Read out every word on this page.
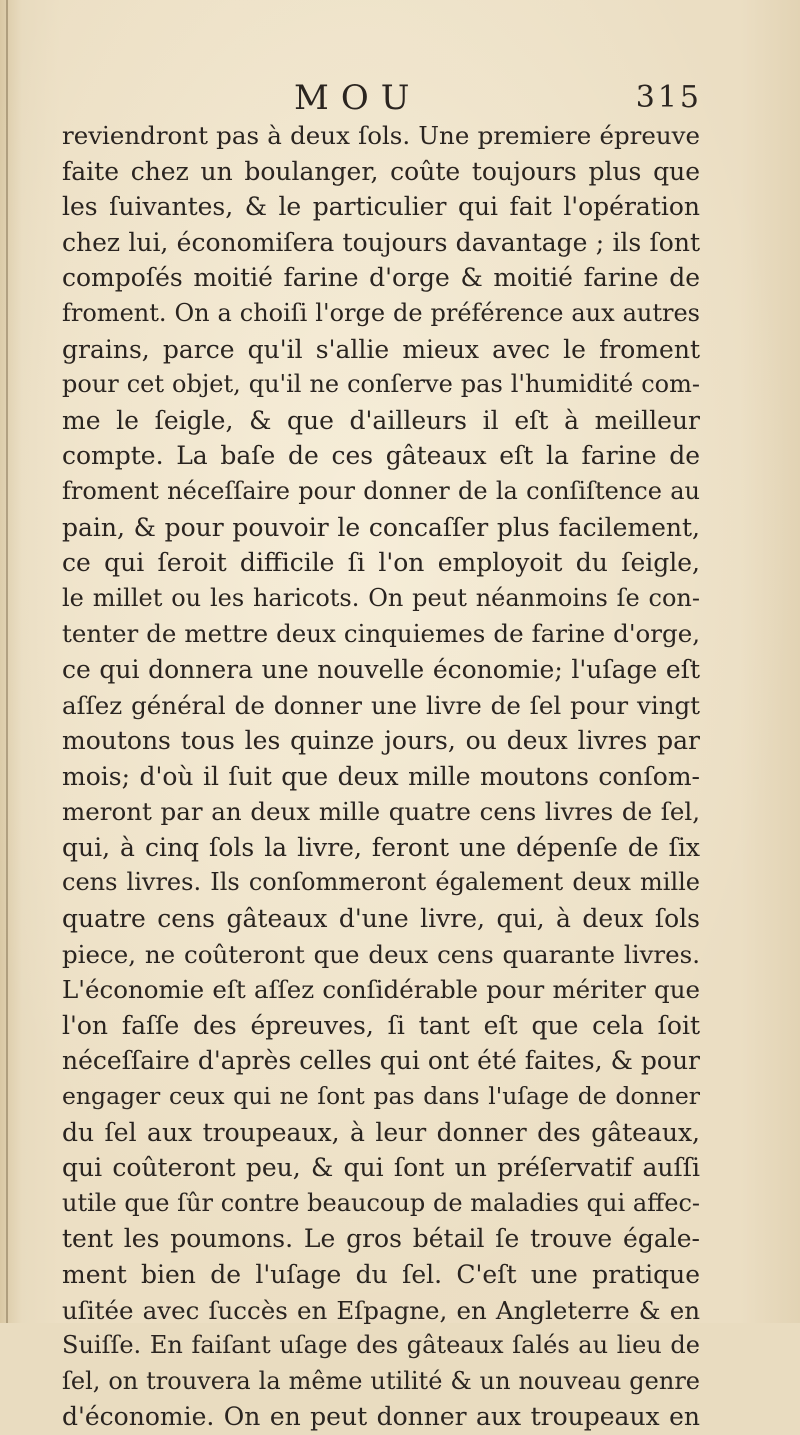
MOU	315
reviendront pas à deux ſols. Une premiere épreuve
faite chez un boulanger, coûte toujours plus que
les ſuivantes, & le particulier qui fait l'opération
chez lui, économiſera toujours davantage ; ils ſont
compoſés moitié farine d'orge & moitié farine de
froment. On a choiſi l'orge de préférence aux autres
grains, parce qu'il s'allie mieux avec le froment
pour cet objet, qu'il ne conſerve pas l'humidité com-
me le ſeigle, & que d'ailleurs il eſt à meilleur
compte. La baſe de ces gâteaux eſt la farine de
froment néceſſaire pour donner de la conſiſtence au
pain, & pour pouvoir le concaſſer plus facilement,
ce qui ſeroit difficile ſi l'on employoit du ſeigle,
le millet ou les haricots. On peut néanmoins ſe con-
tenter de mettre deux cinquiemes de farine d'orge,
ce qui donnera une nouvelle économie; l'uſage eſt
aſſez général de donner une livre de ſel pour vingt
moutons tous les quinze jours, ou deux livres par
mois; d'où il ſuit que deux mille moutons conſom-
meront par an deux mille quatre cens livres de ſel,
qui, à cinq ſols la livre, feront une dépenſe de ſix
cens livres. Ils conſommeront également deux mille
quatre cens gâteaux d'une livre, qui, à deux ſols
piece, ne coûteront que deux cens quarante livres.
L'économie eſt aſſez conſidérable pour mériter que
l'on faſſe des épreuves, ſi tant eſt que cela ſoit
néceſſaire d'après celles qui ont été faites, & pour
engager ceux qui ne ſont pas dans l'uſage de donner
du ſel aux troupeaux, à leur donner des gâteaux,
qui coûteront peu, & qui ſont un préſervatif auſſi
utile que ſûr contre beaucoup de maladies qui affec-
tent les poumons. Le gros bétail ſe trouve égale-
ment bien de l'uſage du ſel. C'eſt une pratique
uſitée avec ſuccès en Eſpagne, en Angleterre & en
Suiſſe. En faiſant uſage des gâteaux ſalés au lieu de
ſel, on trouvera la même utilité & un nouveau genre
d'économie. On en peut donner aux troupeaux en
